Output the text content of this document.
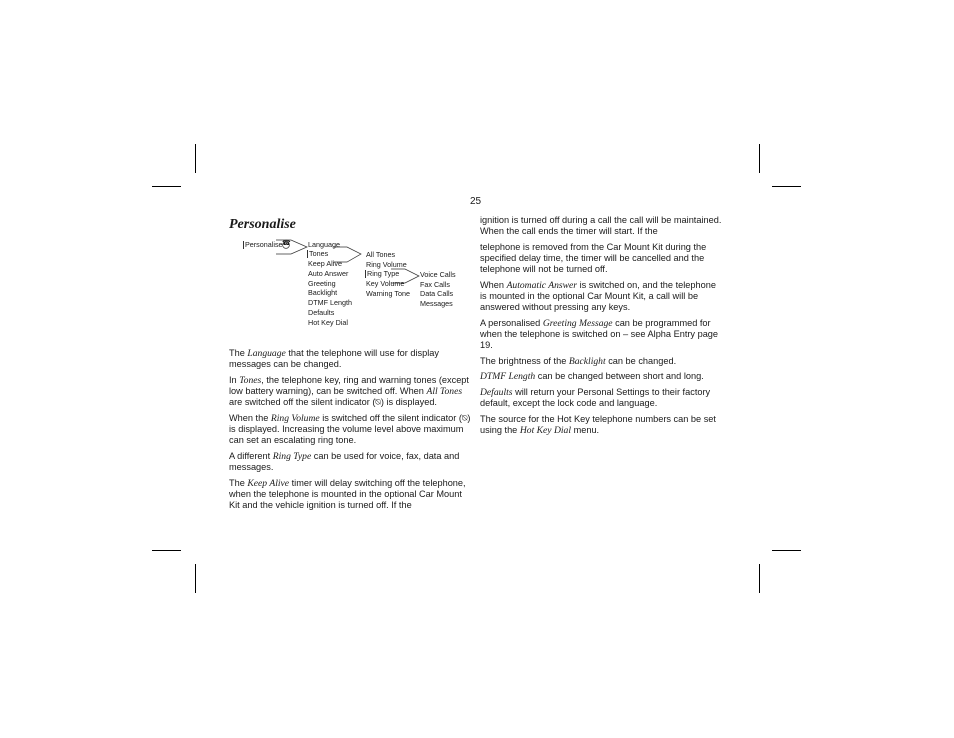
25
Personalise
Personalise ☎ Language
Tones
Keep Alive
Auto Answer
Greeting
Backlight
DTMF Length
Defaults
Hot Key Dial
All Tones
Ring Volume
Ring Type
Key Volume
Warning Tone
Voice Calls
Fax Calls
Data Calls
Messages

The Language that the telephone will use for display messages can be changed.

In Tones, the telephone key, ring and warning tones (except low battery warning), can be switched off. When All Tones are switched off the silent indicator (⍉) is displayed.

When the Ring Volume is switched off the silent indicator (⍉) is displayed. Increasing the volume level above maximum can set an escalating ring tone.

A different Ring Type can be used for voice, fax, data and messages.

The Keep Alive timer will delay switching off the telephone, when the telephone is mounted in the optional Car Mount Kit and the vehicle ignition is turned off. If the

ignition is turned off during a call the call will be maintained. When the call ends the timer will start. If the

telephone is removed from the Car Mount Kit during the specified delay time, the timer will be cancelled and the telephone will not be turned off.

When Automatic Answer is switched on, and the telephone is mounted in the optional Car Mount Kit, a call will be answered without pressing any keys.

A personalised Greeting Message can be programmed for when the telephone is switched on – see Alpha Entry page 19.

The brightness of the Backlight can be changed.

DTMF Length can be changed between short and long.

Defaults will return your Personal Settings to their factory default, except the lock code and language.

The source for the Hot Key telephone numbers can be set using the Hot Key Dial menu.
